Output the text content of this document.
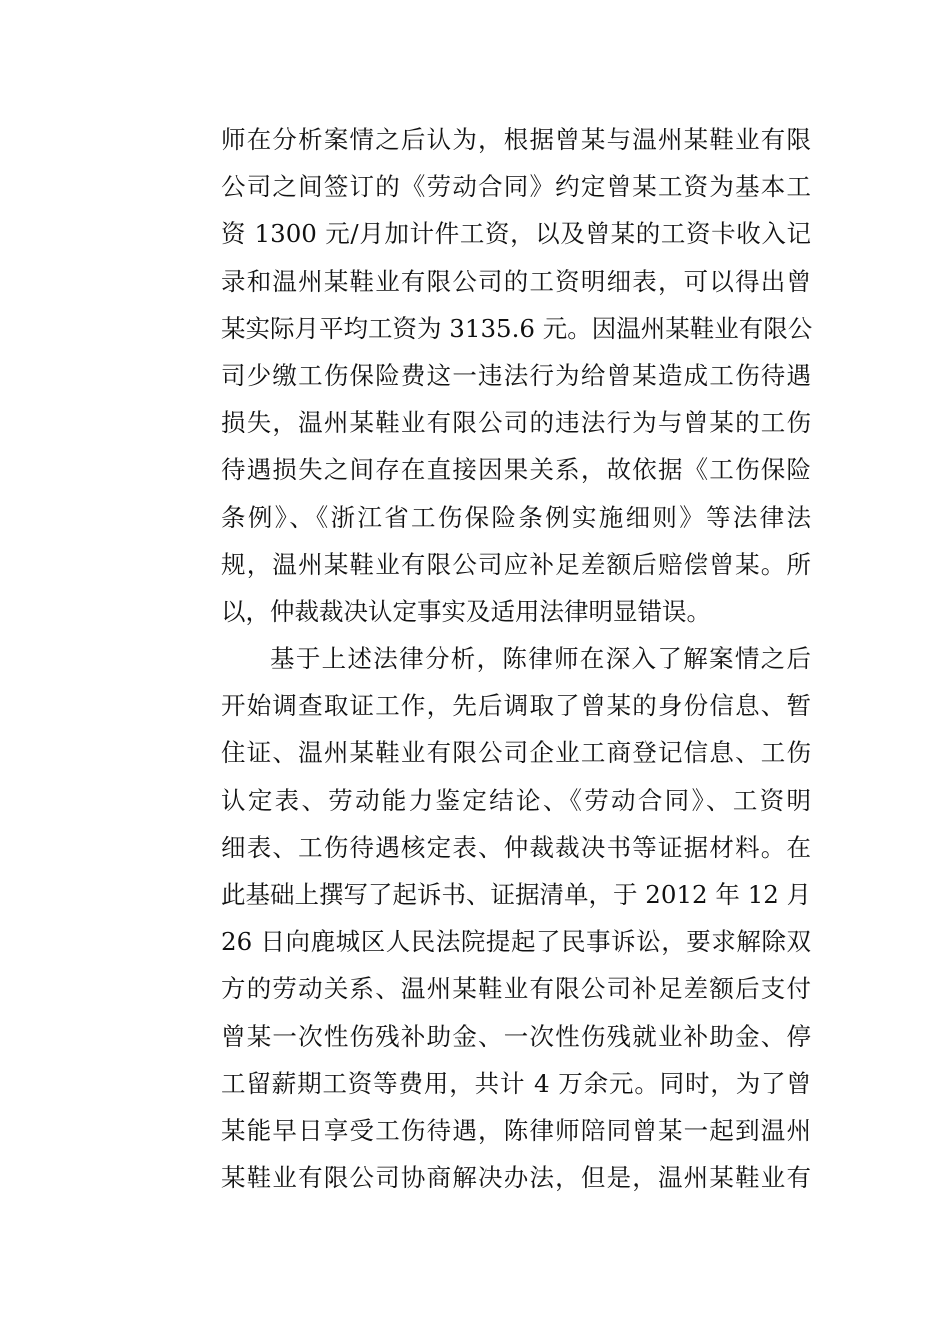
师在分析案情之后认为，根据曾某与温州某鞋业有限
公司之间签订的《劳动合同》约定曾某工资为基本工
资 1300 元/月加计件工资，以及曾某的工资卡收入记
录和温州某鞋业有限公司的工资明细表，可以得出曾
某实际月平均工资为 3135.6 元。因温州某鞋业有限公
司少缴工伤保险费这一违法行为给曾某造成工伤待遇
损失，温州某鞋业有限公司的违法行为与曾某的工伤
待遇损失之间存在直接因果关系，故依据《工伤保险
条例》、《浙江省工伤保险条例实施细则》等法律法
规，温州某鞋业有限公司应补足差额后赔偿曾某。所
以，仲裁裁决认定事实及适用法律明显错误。
基于上述法律分析，陈律师在深入了解案情之后
开始调查取证工作，先后调取了曾某的身份信息、暂
住证、温州某鞋业有限公司企业工商登记信息、工伤
认定表、劳动能力鉴定结论、《劳动合同》、工资明
细表、工伤待遇核定表、仲裁裁决书等证据材料。在
此基础上撰写了起诉书、证据清单，于 2012 年 12 月
26 日向鹿城区人民法院提起了民事诉讼，要求解除双
方的劳动关系、温州某鞋业有限公司补足差额后支付
曾某一次性伤残补助金、一次性伤残就业补助金、停
工留薪期工资等费用，共计 4 万余元。同时，为了曾
某能早日享受工伤待遇，陈律师陪同曾某一起到温州
某鞋业有限公司协商解决办法，但是，温州某鞋业有
